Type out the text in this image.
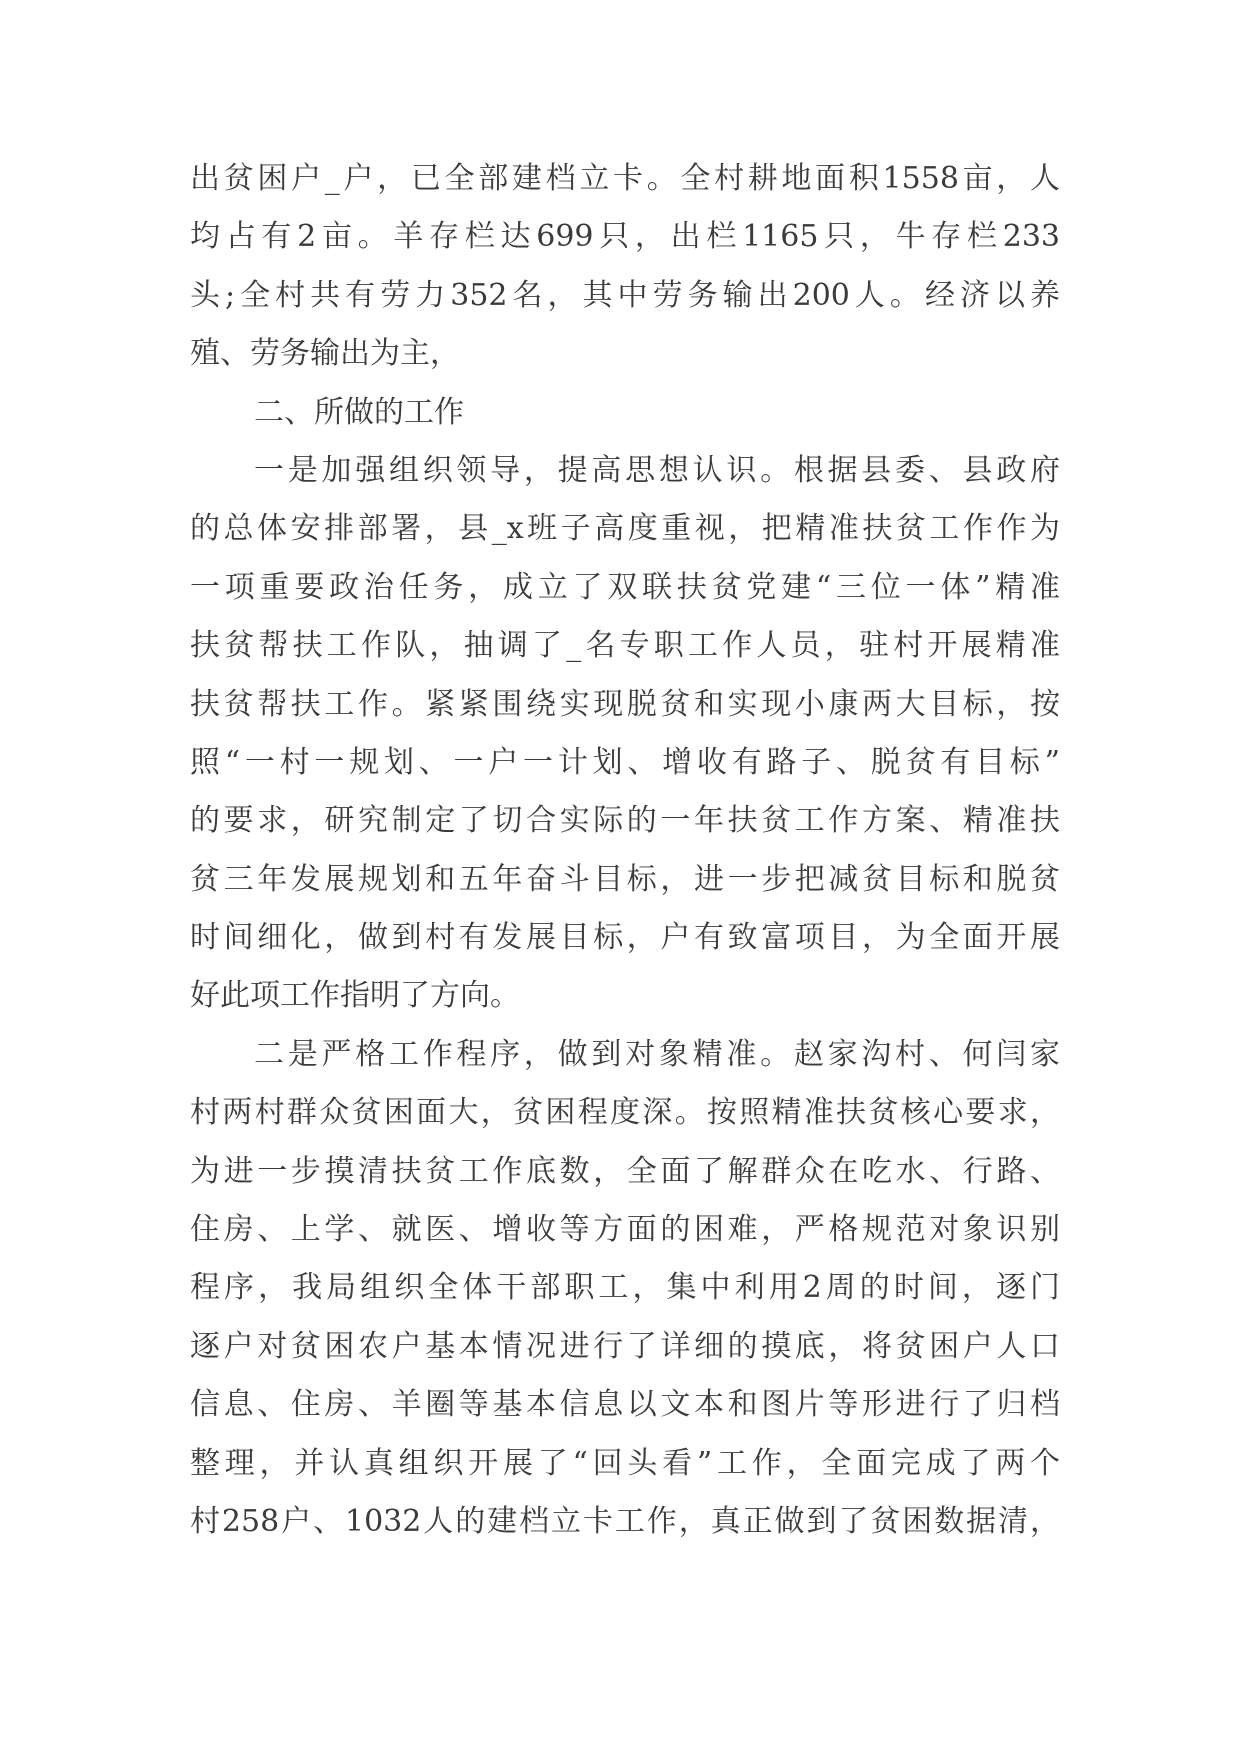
出贫困户_户，已全部建档立卡。全村耕地面积1558亩，人
均占有2亩。羊存栏达699只，出栏1165只，牛存栏233
头;全村共有劳力352名，其中劳务输出200人。经济以养
殖、劳务输出为主，
二、所做的工作
一是加强组织领导，提高思想认识。根据县委、县政府
的总体安排部署，县_x班子高度重视，把精准扶贫工作作为
一项重要政治任务，成立了双联扶贫党建“三位一体”精准
扶贫帮扶工作队，抽调了_名专职工作人员，驻村开展精准
扶贫帮扶工作。紧紧围绕实现脱贫和实现小康两大目标，按
照“一村一规划、一户一计划、增收有路子、脱贫有目标”
的要求，研究制定了切合实际的一年扶贫工作方案、精准扶
贫三年发展规划和五年奋斗目标，进一步把减贫目标和脱贫
时间细化，做到村有发展目标，户有致富项目，为全面开展
好此项工作指明了方向。
二是严格工作程序，做到对象精准。赵家沟村、何闫家
村两村群众贫困面大，贫困程度深。按照精准扶贫核心要求，
为进一步摸清扶贫工作底数，全面了解群众在吃水、行路、
住房、上学、就医、增收等方面的困难，严格规范对象识别
程序，我局组织全体干部职工，集中利用2周的时间，逐门
逐户对贫困农户基本情况进行了详细的摸底，将贫困户人口
信息、住房、羊圈等基本信息以文本和图片等形进行了归档
整理，并认真组织开展了“回头看”工作，全面完成了两个
村258户、1032人的建档立卡工作，真正做到了贫困数据清，
